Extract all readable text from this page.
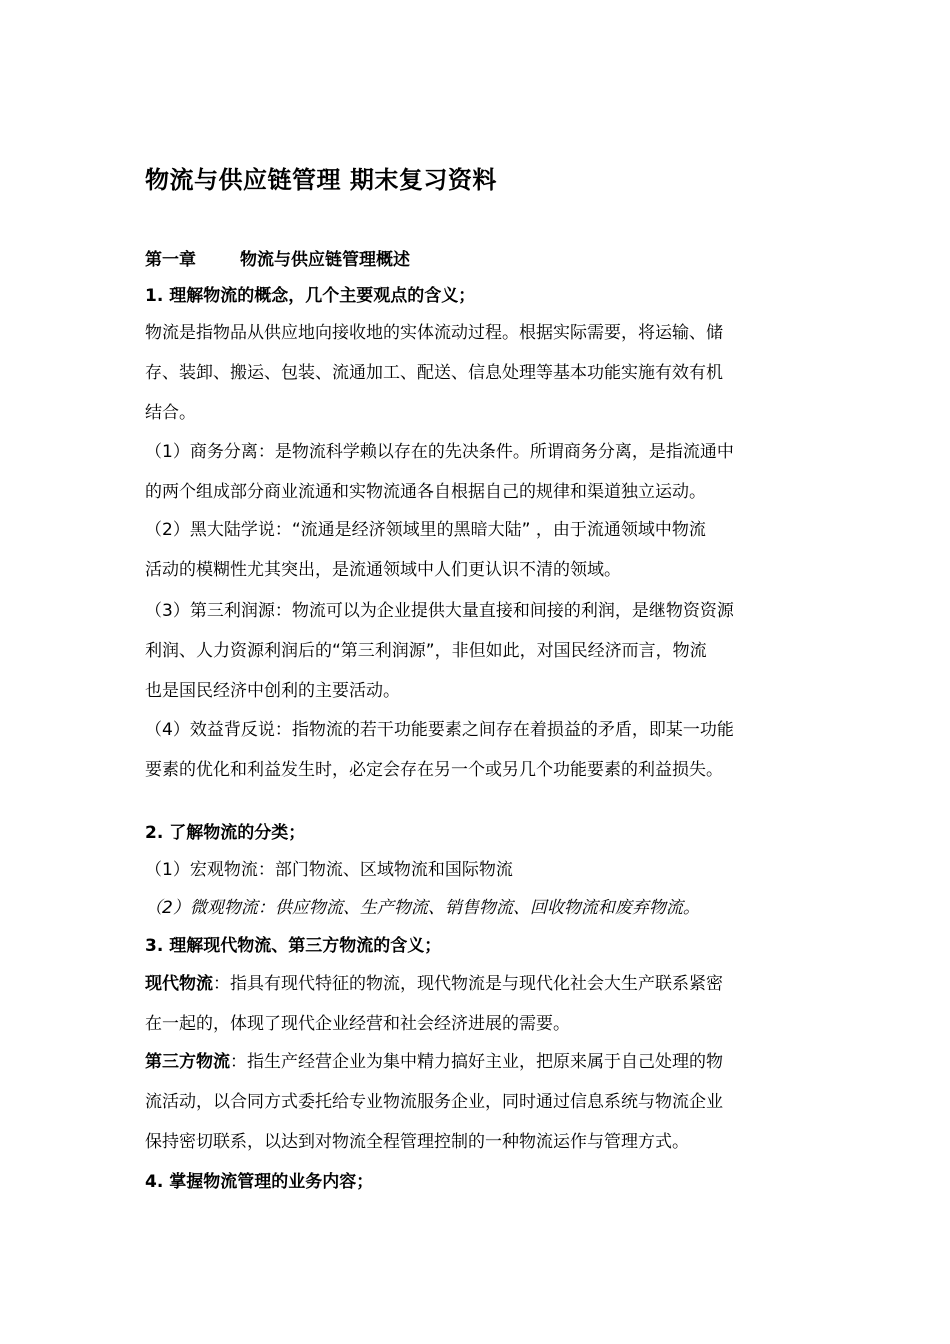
物流与供应链管理 期末复习资料
第一章	物流与供应链管理概述
1. 理解物流的概念，几个主要观点的含义；
物流是指物品从供应地向接收地的实体流动过程。根据实际需要，将运输、储
存、装卸、搬运、包装、流通加工、配送、信息处理等基本功能实施有效有机
结合。
（1）商务分离：是物流科学赖以存在的先决条件。所谓商务分离，是指流通中
的两个组成部分商业流通和实物流通各自根据自己的规律和渠道独立运动。
（2）黑大陆学说：“流通是经济领域里的黑暗大陆” ，由于流通领域中物流
活动的模糊性尤其突出，是流通领域中人们更认识不清的领域。
（3）第三利润源：物流可以为企业提供大量直接和间接的利润，是继物资资源
利润、人力资源利润后的“第三利润源”，非但如此，对国民经济而言，物流
也是国民经济中创利的主要活动。
（4）效益背反说：指物流的若干功能要素之间存在着损益的矛盾，即某一功能
要素的优化和利益发生时，必定会存在另一个或另几个功能要素的利益损失。
2. 了解物流的分类；
（1）宏观物流：部门物流、区域物流和国际物流
（2）微观物流：供应物流、生产物流、销售物流、回收物流和废弃物流。
3. 理解现代物流、第三方物流的含义；
现代物流：指具有现代特征的物流，现代物流是与现代化社会大生产联系紧密
在一起的，体现了现代企业经营和社会经济进展的需要。
第三方物流：指生产经营企业为集中精力搞好主业，把原来属于自己处理的物
流活动，以合同方式委托给专业物流服务企业，同时通过信息系统与物流企业
保持密切联系，以达到对物流全程管理控制的一种物流运作与管理方式。
4. 掌握物流管理的业务内容；
